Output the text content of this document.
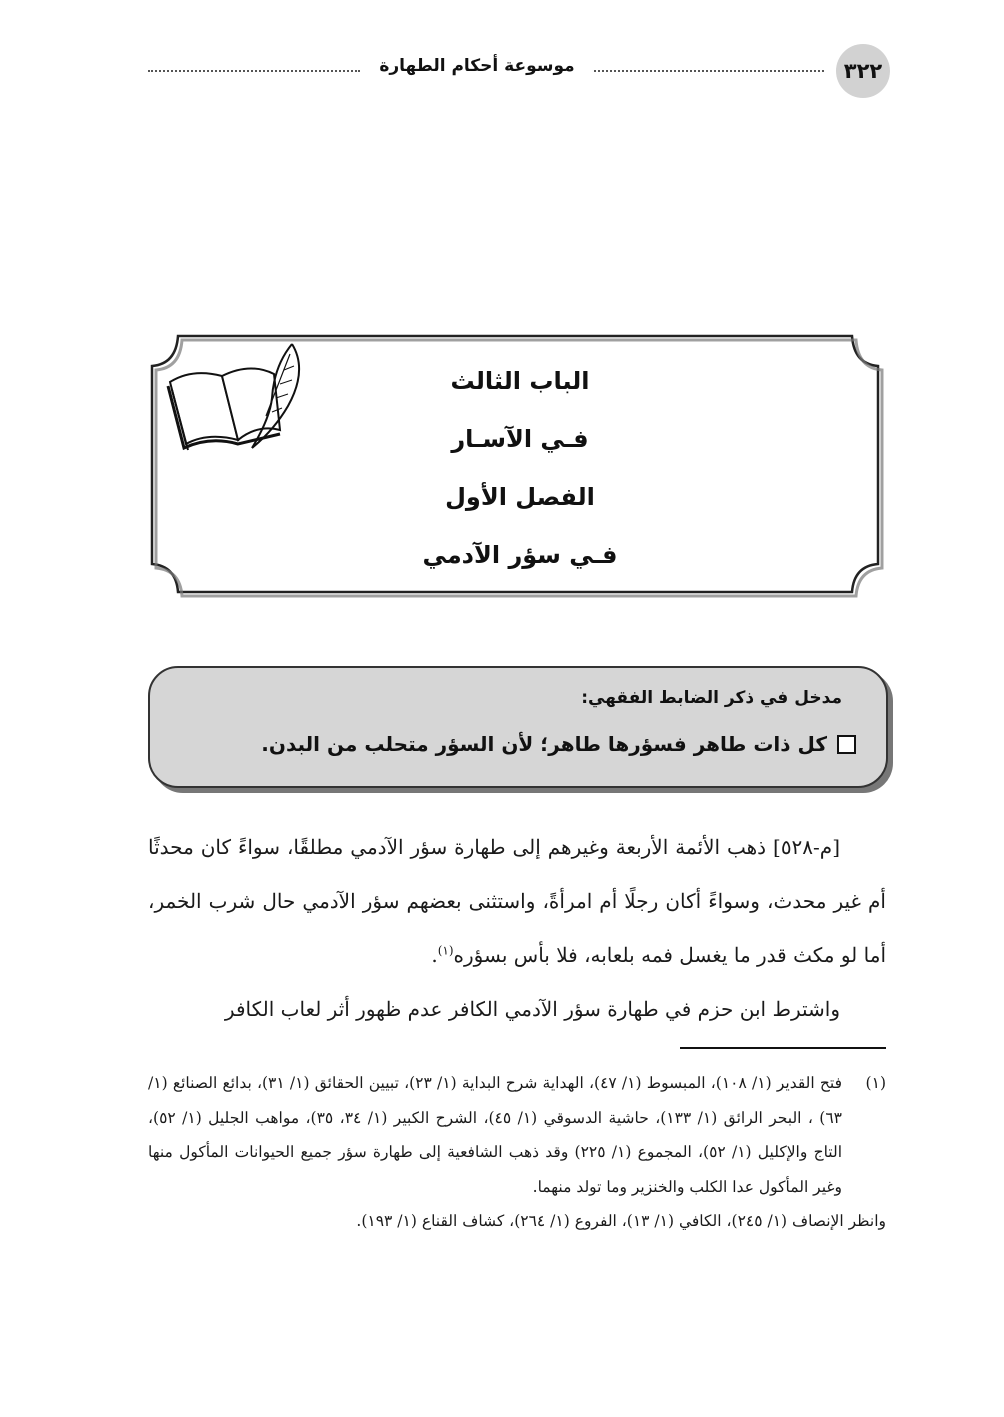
٣٢٢
موسوعة أحكام الطهارة
الباب الثالث
فـي الآسـار
الفصل الأول
فـي سؤر الآدمي
مدخل في ذكر الضابط الفقهي:
كل ذات طاهر فسؤرها طاهر؛ لأن السؤر متحلب من البدن.

[م-٥٢٨] ذهب الأئمة الأربعة وغيرهم إلى طهارة سؤر الآدمي مطلقًا، سواءً كان محدثًا أم غير محدث، وسواءً أكان رجلًا أم امرأةً، واستثنى بعضهم سؤر الآدمي حال شرب الخمر، أما لو مكث قدر ما يغسل فمه بلعابه، فلا بأس بسؤره$^{(١)}$.

واشترط ابن حزم في طهارة سؤر الآدمي الكافر عدم ظهور أثر لعاب الكافر

(١)
فتح القدير (١/ ١٠٨)، المبسوط (١/ ٤٧)، الهداية شرح البداية (١/ ٢٣)، تبيين الحقائق (١/ ٣١)، بدائع الصنائع (١/ ٦٣) ، البحر الرائق (١/ ١٣٣)، حاشية الدسوقي (١/ ٤٥)، الشرح الكبير (١/ ٣٤، ٣٥)، مواهب الجليل (١/ ٥٢)، التاج والإكليل (١/ ٥٢)، المجموع (١/ ٢٢٥) وقد ذهب الشافعية إلى طهارة سؤر جميع الحيوانات المأكول منها وغير المأكول عدا الكلب والخنزير وما تولد منهما.

وانظر الإنصاف (١/ ٢٤٥)، الكافي (١/ ١٣)، الفروع (١/ ٢٦٤)، كشاف القناع (١/ ١٩٣).
